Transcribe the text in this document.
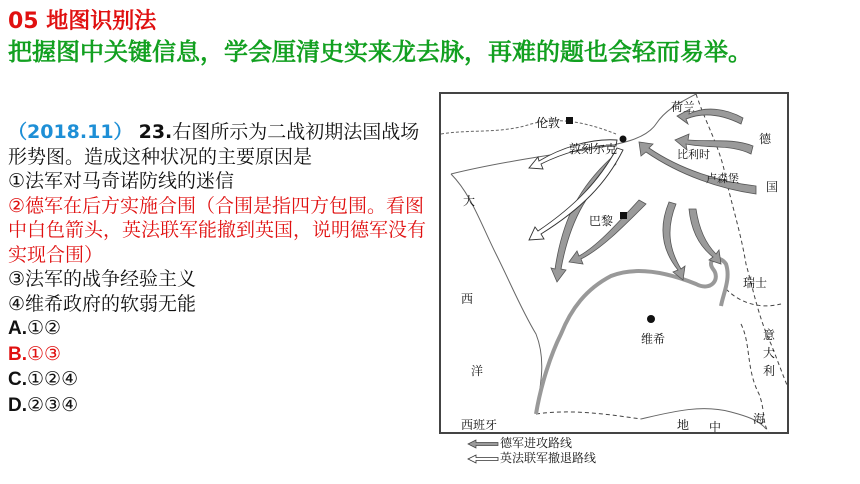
05 地图识别法
把握图中关键信息，学会厘清史实来龙去脉，再难的题也会轻而易举。
（2018.11） 23.右图所示为二战初期法国战场形势图。造成这种状况的主要原因是
①法军对马奇诺防线的迷信
②德军在后方实施合围（合围是指四方包围。看图中白色箭头，英法联军能撤到英国，说明德军没有实现合围）
③法军的战争经验主义
④维希政府的软弱无能
A.①②
B.①③
C.①②④
D.②③④
伦敦
敦刻尔克
荷兰
比利时
卢森堡
德
国
大
西
洋
巴黎
瑞士
意
大
利
维希
西班牙	地 中
海
德军进攻路线
英法联军撤退路线
